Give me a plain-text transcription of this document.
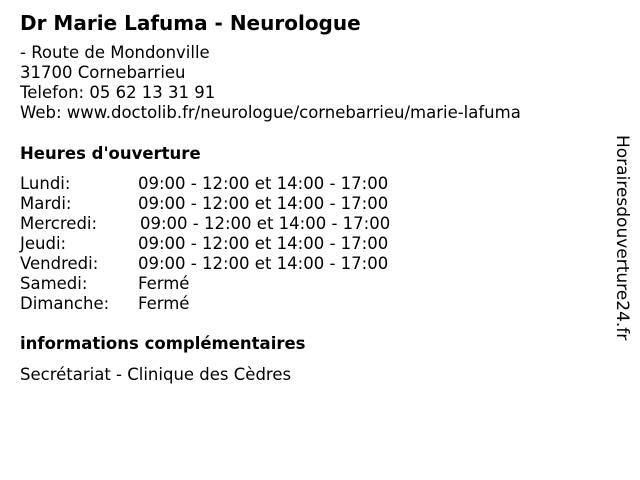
Dr Marie Lafuma - Neurologue
- Route de Mondonville
31700 Cornebarrieu
Telefon: 05 62 13 31 91
Web: www.doctolib.fr/neurologue/cornebarrieu/marie-lafuma
Heures d'ouverture
Lundi:	09:00 - 12:00 et 14:00 - 17:00
Mardi:	09:00 - 12:00 et 14:00 - 17:00
Mercredi:	09:00 - 12:00 et 14:00 - 17:00
Jeudi:	09:00 - 12:00 et 14:00 - 17:00
Vendredi: 09:00 - 12:00 et 14:00 - 17:00
Samedi:	Fermé
Dimanche: Fermé
informations complémentaires
Secrétariat - Clinique des Cèdres
Horairesdouverture24.fr
